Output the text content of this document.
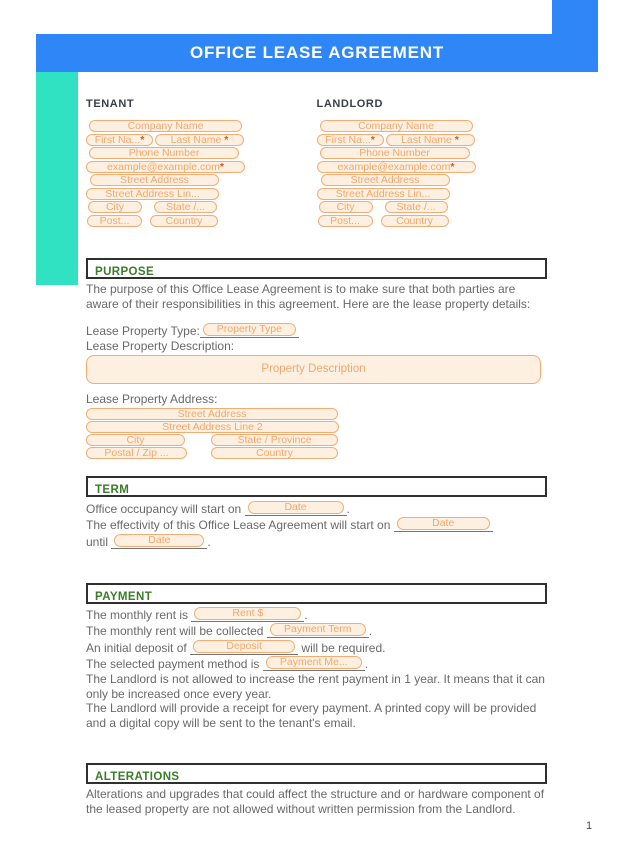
OFFICE LEASE AGREEMENT
TENANT
Company Name
First Na...*	Last Name *
Phone Number
example@example.com*
Street Address
Street Address Lin...
City	State /...
Post...	Country
LANDLORD
Company Name
First Na...*	Last Name *
Phone Number
example@example.com*
Street Address
Street Address Lin...
City	State /...
Post...	Country
PURPOSE

The purpose of this Office Lease Agreement is to make sure that both parties are aware of their responsibilities in this agreement. Here are the lease property details:

Lease Property Type: Property Type
Lease Property Description:
Property Description
Lease Property Address:
Street Address
Street Address Line 2
City	State / Province
Postal / Zip ...	Country
TERM
Office occupancy will start on	Date	.
The effectivity of this Office Lease Agreement will start on	Date
until	Date	.
PAYMENT
The monthly rent is	Rent $	.
The monthly rent will be collected Payment Term .
An initial deposit of	Deposit	will be required.
The selected payment method is Payment Me... .
The Landlord is not allowed to increase the rent payment in 1 year. It means that it can only be increased once every year.
The Landlord will provide a receipt for every payment. A printed copy will be provided and a digital copy will be sent to the tenant's email.
ALTERATIONS

Alterations and upgrades that could affect the structure and or hardware component of the leased property are not allowed without written permission from the Landlord.

1
